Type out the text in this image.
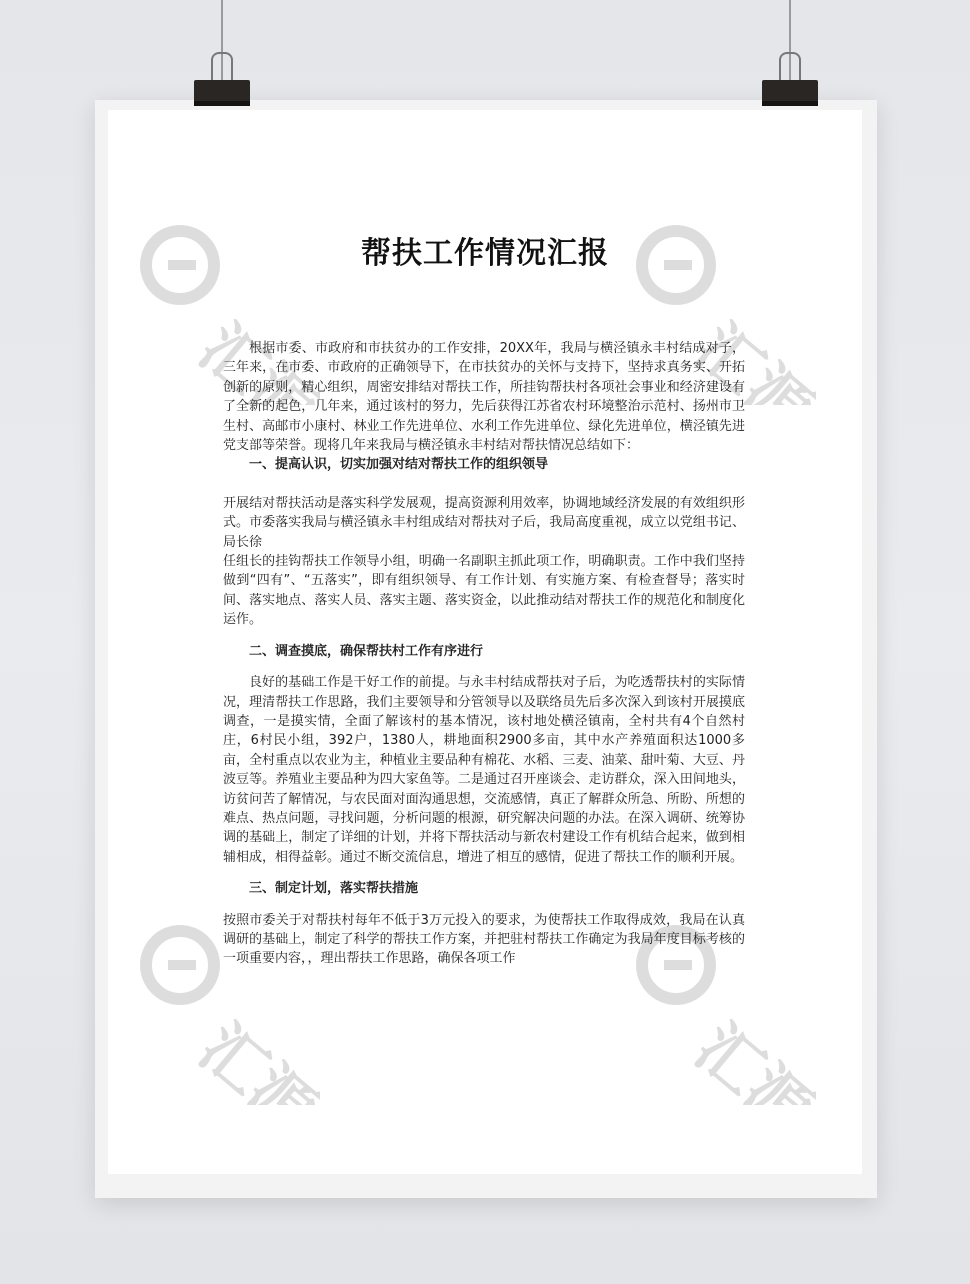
汇源	汇源
汇源	汇源
帮扶工作情况汇报

根据市委、市政府和市扶贫办的工作安排，20XX年，我局与横泾镇永丰村结成对子，三年来，在市委、市政府的正确领导下，在市扶贫办的关怀与支持下，坚持求真务实、开拓创新的原则，精心组织，周密安排结对帮扶工作，所挂钩帮扶村各项社会事业和经济建设有了全新的起色，几年来，通过该村的努力，先后获得江苏省农村环境整治示范村、扬州市卫生村、高邮市小康村、林业工作先进单位、水利工作先进单位、绿化先进单位，横泾镇先进党支部等荣誉。现将几年来我局与横泾镇永丰村结对帮扶情况总结如下：

一、提高认识，切实加强对结对帮扶工作的组织领导

开展结对帮扶活动是落实科学发展观，提高资源利用效率，协调地域经济发展的有效组织形式。市委落实我局与横泾镇永丰村组成结对帮扶对子后，我局高度重视，成立以党组书记、局长徐

任组长的挂钩帮扶工作领导小组，明确一名副职主抓此项工作，明确职责。工作中我们坚持做到“四有”、“五落实”，即有组织领导、有工作计划、有实施方案、有检查督导；落实时间、落实地点、落实人员、落实主题、落实资金，以此推动结对帮扶工作的规范化和制度化运作。

二、调查摸底，确保帮扶村工作有序进行

良好的基础工作是干好工作的前提。与永丰村结成帮扶对子后，为吃透帮扶村的实际情况，理清帮扶工作思路，我们主要领导和分管领导以及联络员先后多次深入到该村开展摸底调查，一是摸实情，全面了解该村的基本情况，该村地处横泾镇南，全村共有4个自然村庄，6村民小组，392户，1380人，耕地面积2900多亩，其中水产养殖面积达1000多亩，全村重点以农业为主，种植业主要品种有棉花、水稻、三麦、油菜、甜叶菊、大豆、丹波豆等。养殖业主要品种为四大家鱼等。二是通过召开座谈会、走访群众，深入田间地头，访贫问苦了解情况，与农民面对面沟通思想，交流感情，真正了解群众所急、所盼、所想的难点、热点问题，寻找问题，分析问题的根源，研究解决问题的办法。在深入调研、统筹协调的基础上，制定了详细的计划，并将下帮扶活动与新农村建设工作有机结合起来，做到相辅相成，相得益彰。通过不断交流信息，增进了相互的感情，促进了帮扶工作的顺利开展。

三、制定计划，落实帮扶措施

按照市委关于对帮扶村每年不低于3万元投入的要求，为使帮扶工作取得成效，我局在认真调研的基础上，制定了科学的帮扶工作方案，并把驻村帮扶工作确定为我局年度目标考核的一项重要内容，，理出帮扶工作思路，确保各项工作
